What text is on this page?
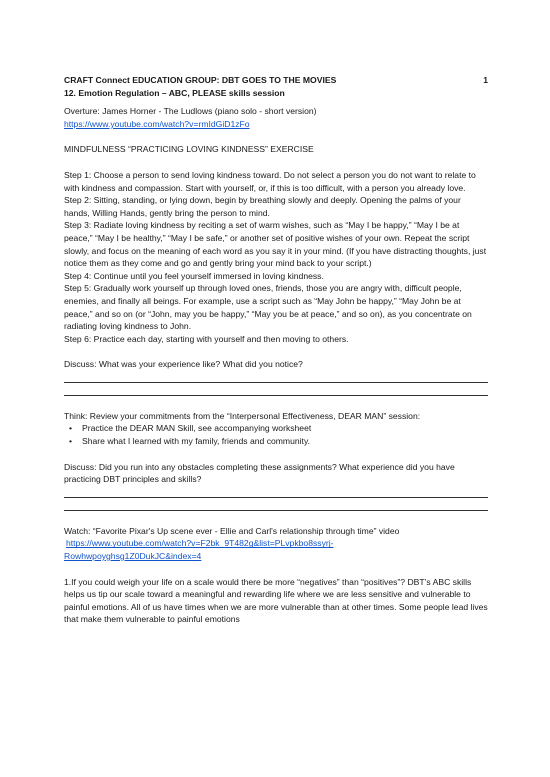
CRAFT Connect EDUCATION GROUP: DBT GOES TO THE MOVIES	1
12. Emotion Regulation – ABC, PLEASE skills session

Overture: James Horner - The Ludlows (piano solo - short version)

https://www.youtube.com/watch?v=rmIdGiD1zFo

MINDFULNESS “PRACTICING LOVING KINDNESS” EXERCISE

Step 1: Choose a person to send loving kindness toward. Do not select a person you do not want to relate to with kindness and compassion. Start with yourself, or, if this is too difficult, with a person you already love.

Step 2: Sitting, standing, or lying down, begin by breathing slowly and deeply. Opening the palms of your hands, Willing Hands, gently bring the person to mind.

Step 3: Radiate loving kindness by reciting a set of warm wishes, such as “May I be happy,” “May I be at peace,” “May I be healthy,” “May I be safe,” or another set of positive wishes of your own. Repeat the script slowly, and focus on the meaning of each word as you say it in your mind. (If you have distracting thoughts, just notice them as they come and go and gently bring your mind back to your script.)

Step 4: Continue until you feel yourself immersed in loving kindness.

Step 5: Gradually work yourself up through loved ones, friends, those you are angry with, difficult people, enemies, and finally all beings. For example, use a script such as “May John be happy,” “May John be at peace,” and so on (or “John, may you be happy,” “May you be at peace,” and so on), as you concentrate on radiating loving kindness to John.

Step 6: Practice each day, starting with yourself and then moving to others.

Discuss: What was your experience like? What did you notice?

Think: Review your commitments from the “Interpersonal Effectiveness, DEAR MAN” session:

• Practice the DEAR MAN Skill, see accompanying worksheet
• Share what I learned with my family, friends and community.

Discuss: Did you run into any obstacles completing these assignments? What experience did you have practicing DBT principles and skills?

Watch: “Favorite Pixar's Up scene ever - Ellie and Carl's relationship through time” video

https://www.youtube.com/watch?v=F2bk_9T482g&list=PLvpkbo8ssyrj-
Rowhwpoyghsg1Z0DukJC&index=4

1.If you could weigh your life on a scale would there be more “negatives” than “positives”? DBT’s ABC skills helps us tip our scale toward a meaningful and rewarding life where we are less sensitive and vulnerable to painful emotions. All of us have times when we are more vulnerable than at other times. Some people lead lives that make them vulnerable to painful emotions
